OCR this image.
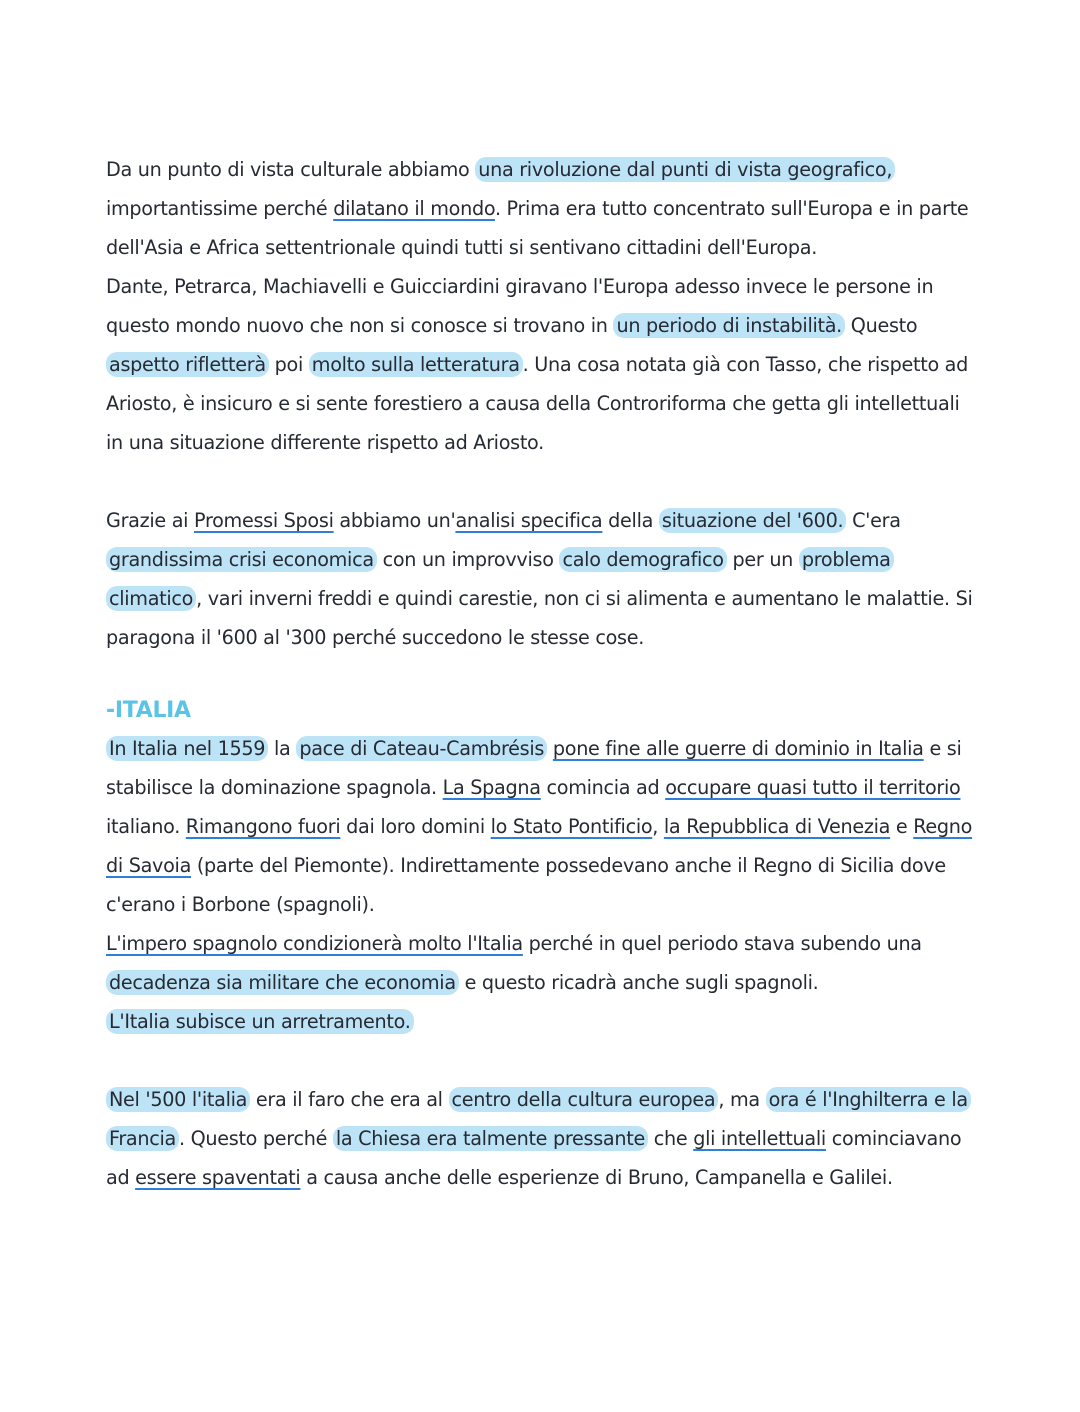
Da un punto di vista culturale abbiamo una rivoluzione dal punti di vista geografico, importantissime perché dilatano il mondo. Prima era tutto concentrato sull'Europa e in parte dell'Asia e Africa settentrionale quindi tutti si sentivano cittadini dell'Europa.
Dante, Petrarca, Machiavelli e Guicciardini giravano l'Europa adesso invece le persone in questo mondo nuovo che non si conosce si trovano in un periodo di instabilità. Questo aspetto rifletterà poi molto sulla letteratura . Una cosa notata già con Tasso, che rispetto ad Ariosto, è insicuro e si sente forestiero a causa della Controriforma che getta gli intellettuali in una situazione differente rispetto ad Ariosto.

Grazie ai Promessi Sposi abbiamo un'analisi specifica della situazione del '600. C'era grandissima crisi economica con un improvviso calo demografico per un problema climatico , vari inverni freddi e quindi carestie, non ci si alimenta e aumentano le malattie. Si paragona il '600 al '300 perché succedono le stesse cose.

-ITALIA

In Italia nel 1559 la pace di Cateau-Cambrésis pone fine alle guerre di dominio in Italia e si stabilisce la dominazione spagnola. La Spagna comincia ad occupare quasi tutto il territorio italiano. Rimangono fuori dai loro domini lo Stato Pontificio, la Repubblica di Venezia e Regno di Savoia (parte del Piemonte). Indirettamente possedevano anche il Regno di Sicilia dove c'erano i Borbone (spagnoli).
L'impero spagnolo condizionerà molto l'Italia perché in quel periodo stava subendo una decadenza sia militare che economia e questo ricadrà anche sugli spagnoli.
L'Italia subisce un arretramento.

Nel '500 l'italia era il faro che era al centro della cultura europea , ma ora é l'Inghilterra e la Francia . Questo perché la Chiesa era talmente pressante che gli intellettuali cominciavano ad essere spaventati a causa anche delle esperienze di Bruno, Campanella e Galilei.
